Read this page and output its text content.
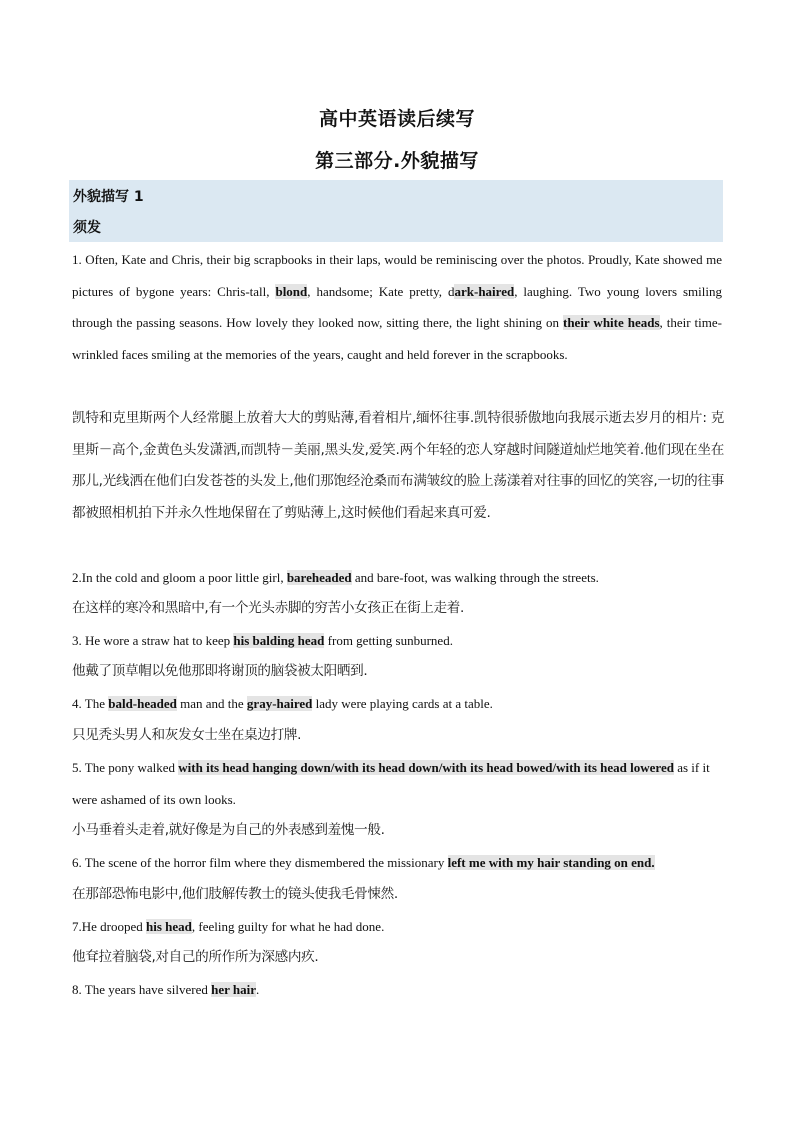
高中英语读后续写
第三部分.外貌描写
外貌描写 1
须发
1. Often, Kate and Chris, their big scrapbooks in their laps, would be reminiscing over the photos. Proudly, Kate showed me pictures of bygone years: Chris-tall, blond, handsome; Kate pretty, dark-haired, laughing. Two young lovers smiling through the passing seasons. How lovely they looked now, sitting there, the light shining on their white heads, their time-wrinkled faces smiling at the memories of the years, caught and held forever in the scrapbooks.
凯特和克里斯两个人经常腿上放着大大的剪贴薄,看着相片,缅怀往事.凯特很骄傲地向我展示逝去岁月的相片: 克里斯－高个,金黄色头发潇洒,而凯特－美丽,黑头发,爱笑.两个年轻的恋人穿越时间隧道灿烂地笑着.他们现在坐在那儿,光线洒在他们白发苍苍的头发上,他们那饱经沧桑而布满皱纹的脸上荡漾着对往事的回忆的笑容,一切的往事都被照相机拍下并永久性地保留在了剪贴薄上,这时候他们看起来真可爱.
2.In the cold and gloom a poor little girl, bareheaded and bare-foot, was walking through the streets.
在这样的寒冷和黑暗中,有一个光头赤脚的穷苦小女孩正在街上走着.
3. He wore a straw hat to keep his balding head from getting sunburned.
他戴了顶草帽以免他那即将谢顶的脑袋被太阳晒到.
4. The bald-headed man and the gray-haired lady were playing cards at a table.
只见秃头男人和灰发女士坐在桌边打牌.
5. The pony walked with its head hanging down/with its head down/with its head bowed/with its head lowered as if it were ashamed of its own looks.
小马垂着头走着,就好像是为自己的外表感到羞愧一般.
6. The scene of the horror film where they dismembered the missionary left me with my hair standing on end.
在那部恐怖电影中,他们肢解传教士的镜头使我毛骨悚然.
7.He drooped his head, feeling guilty for what he had done.
他耷拉着脑袋,对自己的所作所为深感内疚.
8. The years have silvered her hair.
